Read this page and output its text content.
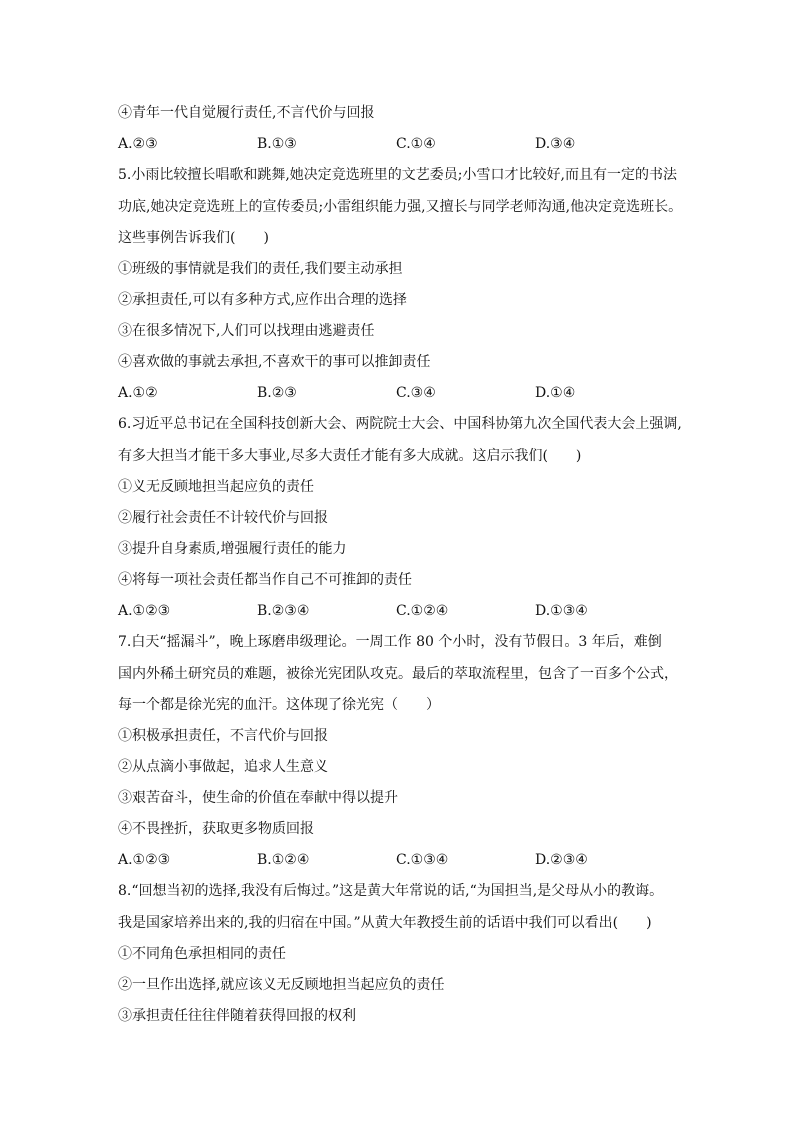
④青年一代自觉履行责任,不言代价与回报
A.②③	B.①③	C.①④	D.③④
5.小雨比较擅长唱歌和跳舞,她决定竞选班里的文艺委员;小雪口才比较好,而且有一定的书法
功底,她决定竞选班上的宣传委员;小雷组织能力强,又擅长与同学老师沟通,他决定竞选班长。
这些事例告诉我们(　　)
①班级的事情就是我们的责任,我们要主动承担
②承担责任,可以有多种方式,应作出合理的选择
③在很多情况下,人们可以找理由逃避责任
④喜欢做的事就去承担,不喜欢干的事可以推卸责任
A.①②	B.②③	C.③④	D.①④
6.习近平总书记在全国科技创新大会、两院院士大会、中国科协第九次全国代表大会上强调,
有多大担当才能干多大事业,尽多大责任才能有多大成就。这启示我们(　　)
①义无反顾地担当起应负的责任
②履行社会责任不计较代价与回报
③提升自身素质,增强履行责任的能力
④将每一项社会责任都当作自己不可推卸的责任
A.①②③	B.②③④	C.①②④	D.①③④
7.白天“摇漏斗”，晚上琢磨串级理论。一周工作 80 个小时，没有节假日。3 年后，难倒
国内外稀土研究员的难题，被徐光宪团队攻克。最后的萃取流程里，包含了一百多个公式，
每一个都是徐光宪的血汗。这体现了徐光宪（　　）
①积极承担责任，不言代价与回报
②从点滴小事做起，追求人生意义
③艰苦奋斗，使生命的价值在奉献中得以提升
④不畏挫折，获取更多物质回报
A.①②③	B.①②④	C.①③④	D.②③④
8.“回想当初的选择,我没有后悔过。”这是黄大年常说的话,“为国担当,是父母从小的教诲。
我是国家培养出来的,我的归宿在中国。”从黄大年教授生前的话语中我们可以看出(　　)
①不同角色承担相同的责任
②一旦作出选择,就应该义无反顾地担当起应负的责任
③承担责任往往伴随着获得回报的权利
